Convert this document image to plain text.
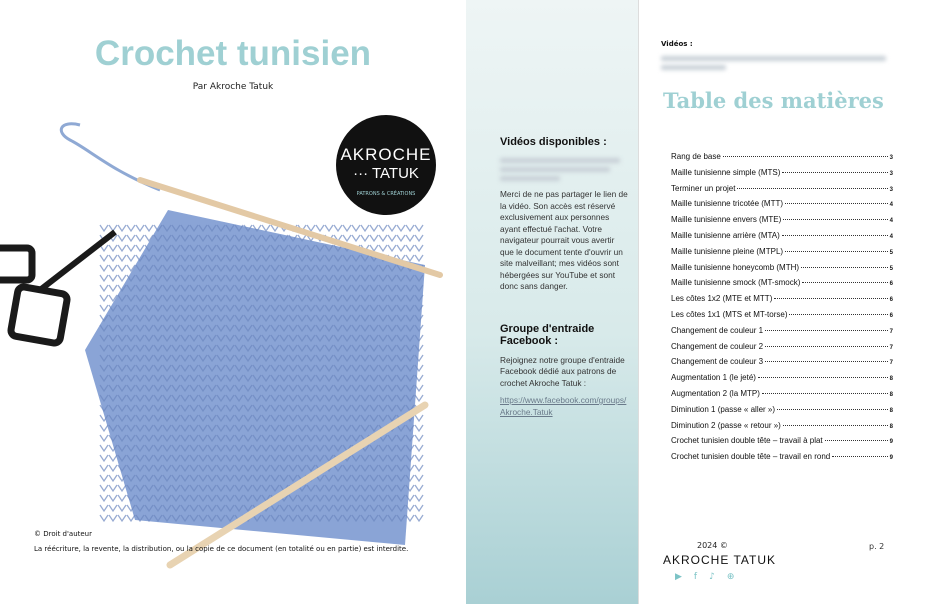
Crochet tunisien
Par Akroche Tatuk
AKROCHE
··· TATUK
PATRONS & CRÉATIONS
© Droit d'auteur
La réécriture, la revente, la distribution, ou la copie de ce document (en totalité ou en partie) est interdite.
Vidéos disponibles :

Merci de ne pas partager le lien de la vidéo. Son accès est réservé exclusivement aux personnes ayant effectué l'achat. Votre navigateur pourrait vous avertir que le document tente d'ouvrir un site malveillant; mes vidéos sont hébergées sur YouTube et sont donc sans danger.

Groupe d'entraide Facebook :

Rejoignez notre groupe d'entraide Facebook dédié aux patrons de crochet Akroche Tatuk :

https://www.facebook.com/groups/Akroche.Tatuk
Vidéos :
Table des matières
Rang de base	3
Maille tunisienne simple (MTS)	3
Terminer un projet	3
Maille tunisienne tricotée (MTT)	4
Maille tunisienne envers (MTE)	4
Maille tunisienne arrière (MTA)	4
Maille tunisienne pleine (MTPL)	5
Maille tunisienne honeycomb (MTH)	5
Maille tunisienne smock (MT-smock)	6
Les côtes 1x2 (MTE et MTT)	6
Les côtes 1x1 (MTS et MT-torse)	6
Changement de couleur 1	7
Changement de couleur 2	7
Changement de couleur 3	7
Augmentation 1 (le jeté)	8
Augmentation 2 (la MTP)	8
Diminution 1 (passe « aller »)	8
Diminution 2 (passe « retour »)	8
Crochet tunisien double tête – travail à plat	9
Crochet tunisien double tête – travail en rond	9
2024 ©
AKROCHE TATUK
p. 2
▶ f ♪ ⊕
